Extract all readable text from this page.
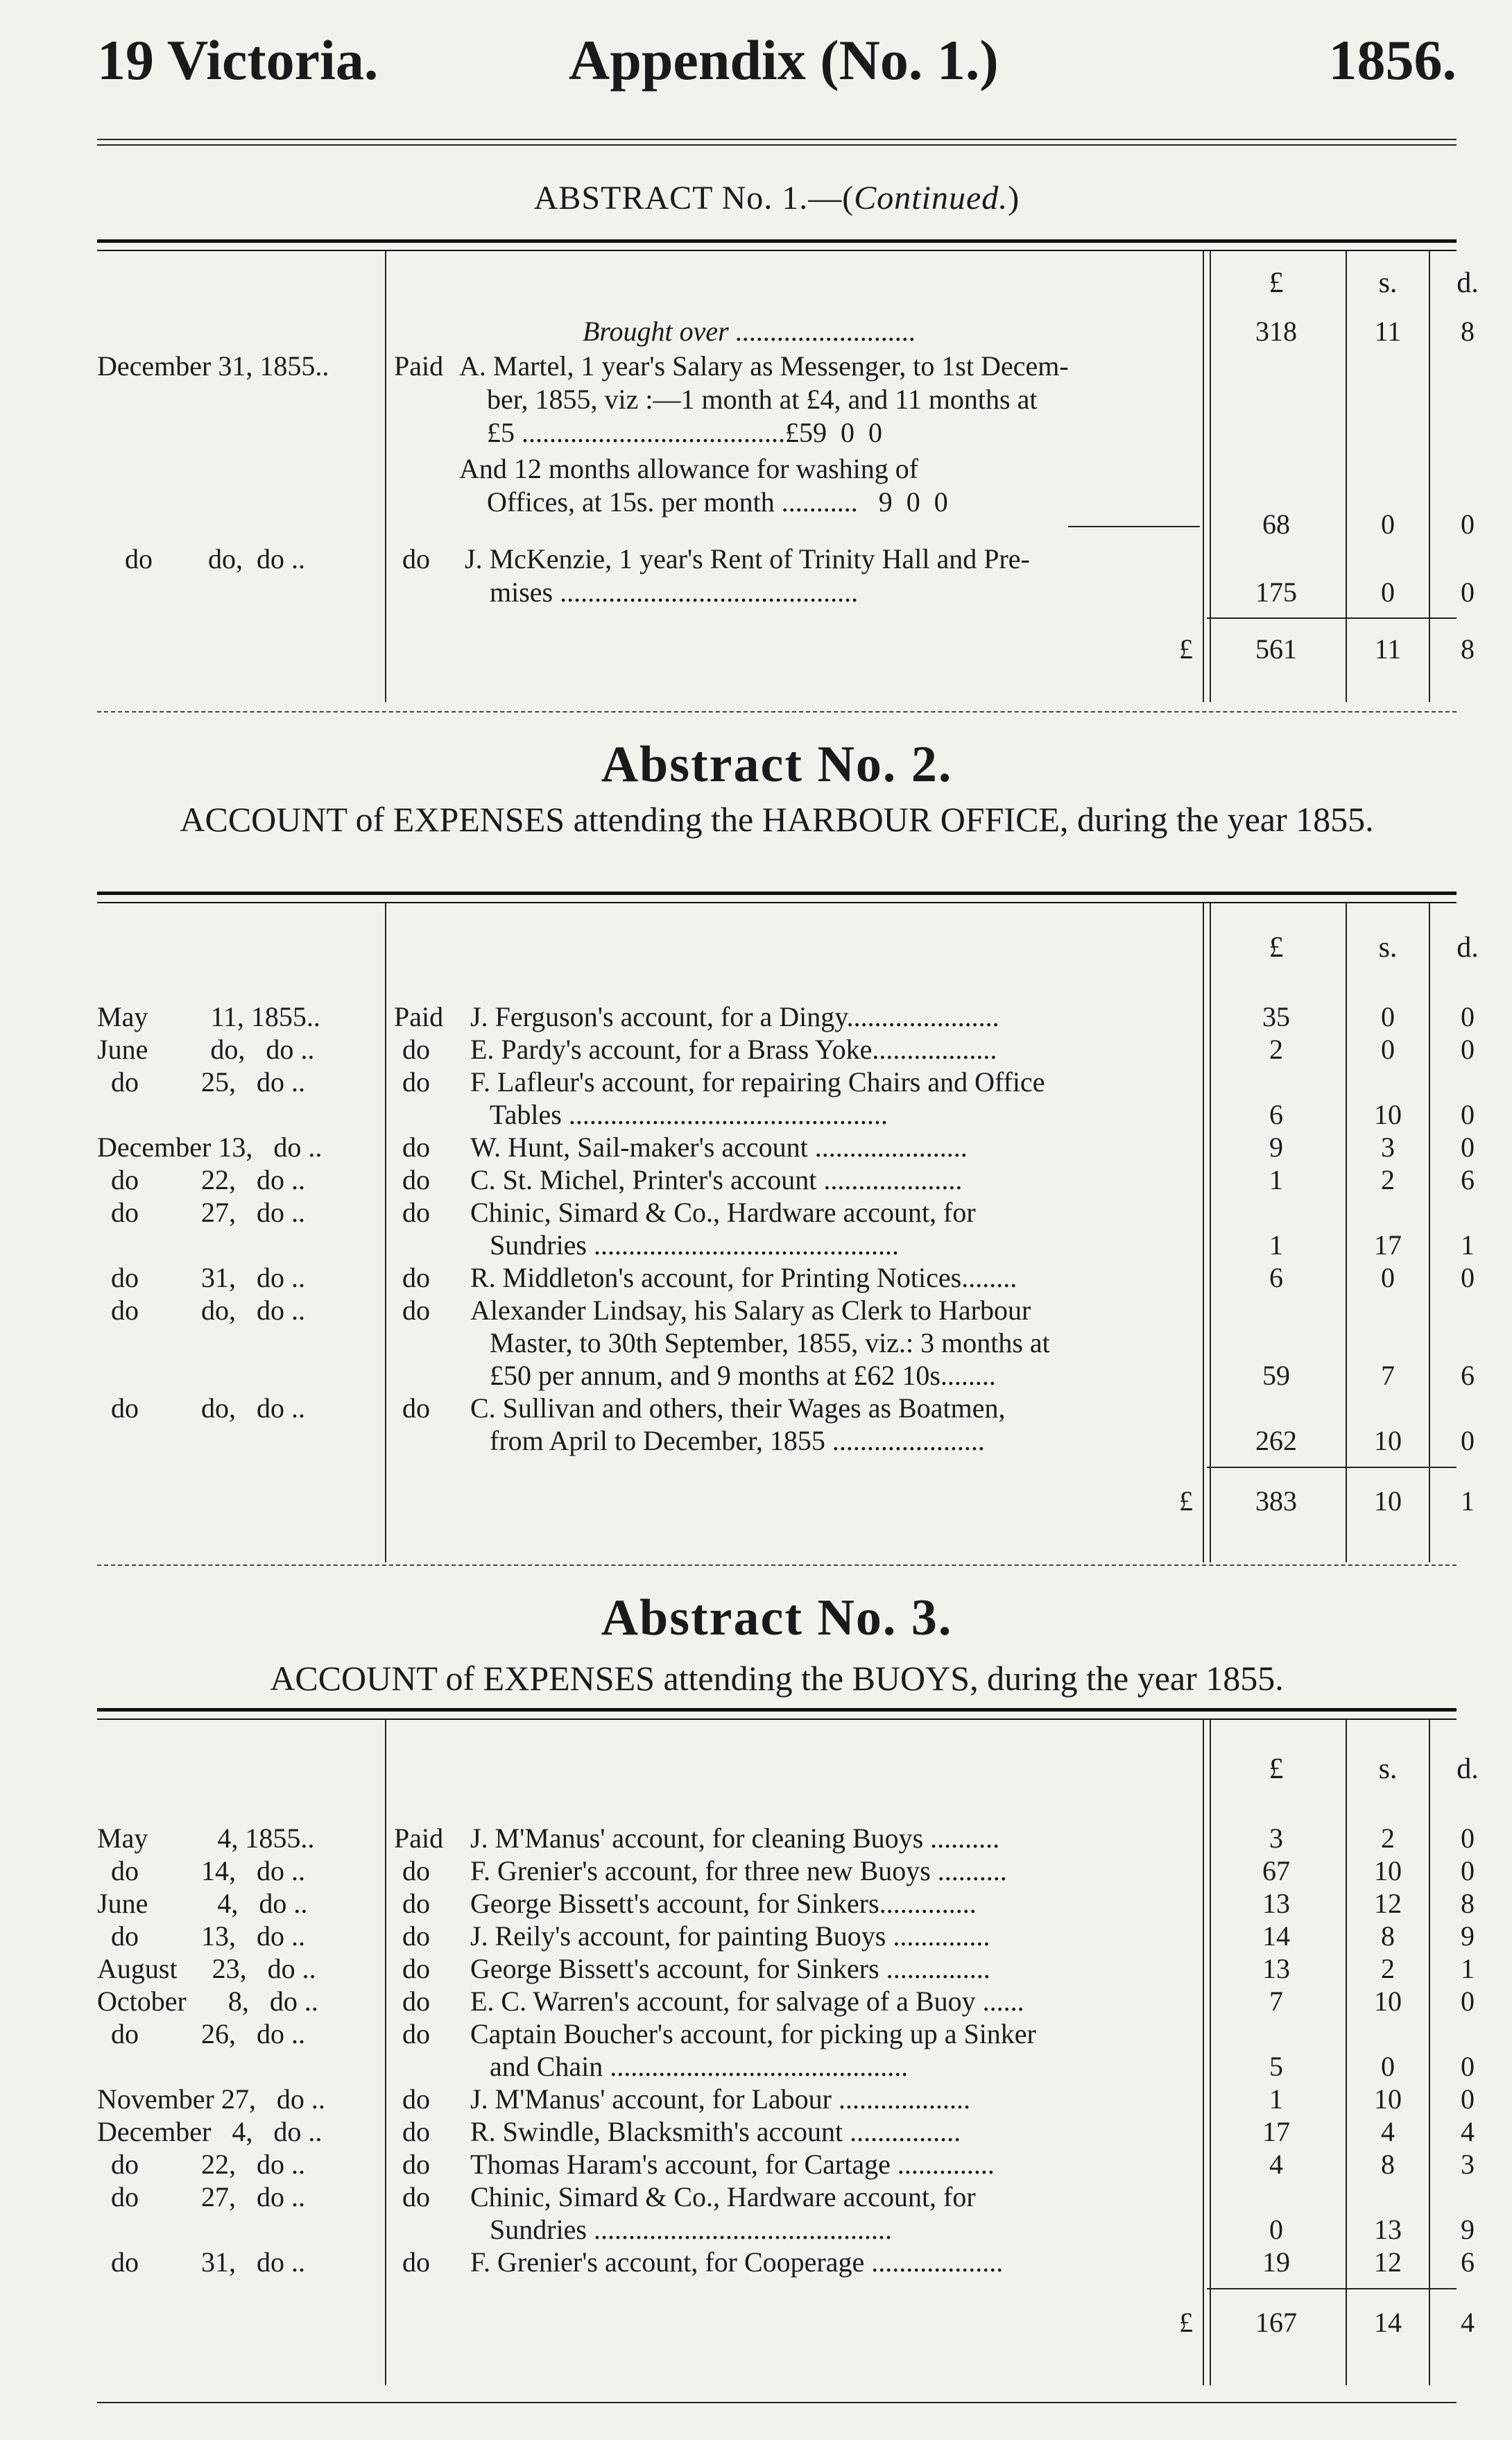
19 Victoria.	Appendix (No. 1.)	1856.
ABSTRACT No. 1.—(Continued.)
£	s.	d.
Brought over ..........................	318	11	8
December 31, 1855.. Paid A. Martel, 1 year's Salary as Messenger, to 1st Decem-
ber, 1855, viz :—1 month at £4, and 11 months at
£5 ......................................£59  0  0
And 12 months allowance for washing of
Offices, at 15s. per month ...........   9  0  0
68	0	0
do        do,  do ..	do J. McKenzie, 1 year's Rent of Trinity Hall and Pre-
mises ...........................................	175	0	0
£	561	11	8
Abstract No. 2.
ACCOUNT of EXPENSES attending the HARBOUR OFFICE, during the year 1855.
£	s.	d.
May         11, 1855..	Paid J. Ferguson's account, for a Dingy......................	35	0	0
June         do,   do ..	do E. Pardy's account, for a Brass Yoke..................	2	0	0
do         25,   do ..	do F. Lafleur's account, for repairing Chairs and Office
Tables ..............................................	6	10	0
December 13,   do ..	do W. Hunt, Sail-maker's account ......................	9	3	0
do         22,   do ..	do C. St. Michel, Printer's account ....................	1	2	6
do         27,   do ..	do Chinic, Simard & Co., Hardware account, for
Sundries ............................................	1	17	1
do         31,   do ..	do R. Middleton's account, for Printing Notices........	6	0	0
do         do,   do ..	do Alexander Lindsay, his Salary as Clerk to Harbour
Master, to 30th September, 1855, viz.: 3 months at
£50 per annum, and 9 months at £62 10s........	59	7	6
do         do,   do ..	do C. Sullivan and others, their Wages as Boatmen,
from April to December, 1855 ......................	262	10	0
£	383	10	1
Abstract No. 3.
ACCOUNT of EXPENSES attending the BUOYS, during the year 1855.
£	s.	d.
May          4, 1855..	Paid J. M'Manus' account, for cleaning Buoys ..........	3	2	0
do         14,   do ..	do F. Grenier's account, for three new Buoys ..........	67	10	0
June          4,   do ..	do George Bissett's account, for Sinkers..............	13	12	8
do         13,   do ..	do J. Reily's account, for painting Buoys ..............	14	8	9
August     23,   do ..	do George Bissett's account, for Sinkers ...............	13	2	1
October      8,   do ..	do E. C. Warren's account, for salvage of a Buoy ......	7	10	0
do         26,   do ..	do Captain Boucher's account, for picking up a Sinker
and Chain ...........................................	5	0	0
November 27,   do ..	do J. M'Manus' account, for Labour ...................	1	10	0
December   4,   do ..	do R. Swindle, Blacksmith's account ................	17	4	4
do         22,   do ..	do Thomas Haram's account, for Cartage ..............	4	8	3
do         27,   do ..	do Chinic, Simard & Co., Hardware account, for
Sundries ...........................................	0	13	9
do         31,   do ..	do F. Grenier's account, for Cooperage ...................	19	12	6
£	167	14	4
